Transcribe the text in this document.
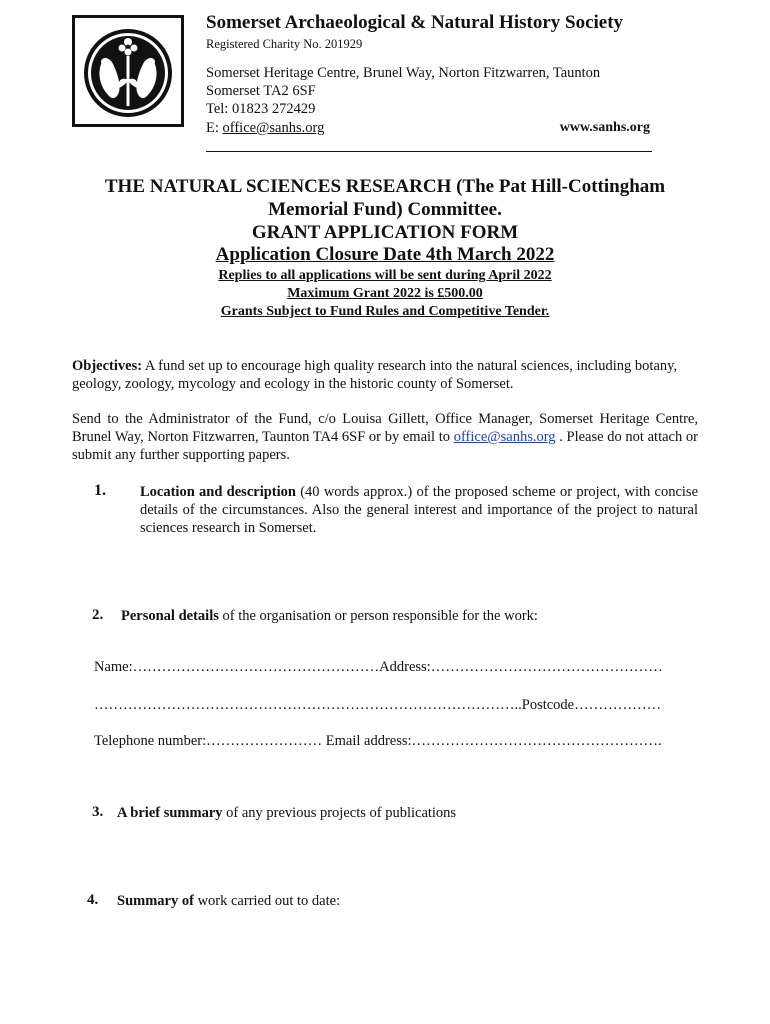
Somerset Archaeological & Natural History Society
Registered Charity No. 201929
Somerset Heritage Centre, Brunel Way, Norton Fitzwarren, Taunton
Somerset TA2 6SF
Tel: 01823 272429
E: office@sanhs.org	www.sanhs.org
THE NATURAL SCIENCES RESEARCH (The Pat Hill-Cottingham
Memorial Fund) Committee.
GRANT APPLICATION FORM
Application Closure Date 4th March 2022
Replies to all applications will be sent during April 2022
Maximum Grant 2022 is £500.00
Grants Subject to Fund Rules and Competitive Tender.
Objectives: A fund set up to encourage high quality research into the natural sciences, including botany, geology, zoology, mycology and ecology in the historic county of Somerset.
Send to the Administrator of the Fund, c/o Louisa Gillett, Office Manager, Somerset Heritage Centre, Brunel Way, Norton Fitzwarren, Taunton TA4 6SF or by email to office@sanhs.org . Please do not attach or submit any further supporting papers.
1. Location and description (40 words approx.) of the proposed scheme or project, with concise details of the circumstances. Also the general interest and importance of the project to natural sciences research in Somerset.
2. Personal details of the organisation or person responsible for the work:
Name:……………………………………………Address:…………………………………………
……………………………………………………………………………..Postcode………………
Telephone number:…………………… Email address:…………………………………………….
3. A brief summary of any previous projects of publications
4. Summary of work carried out to date:
